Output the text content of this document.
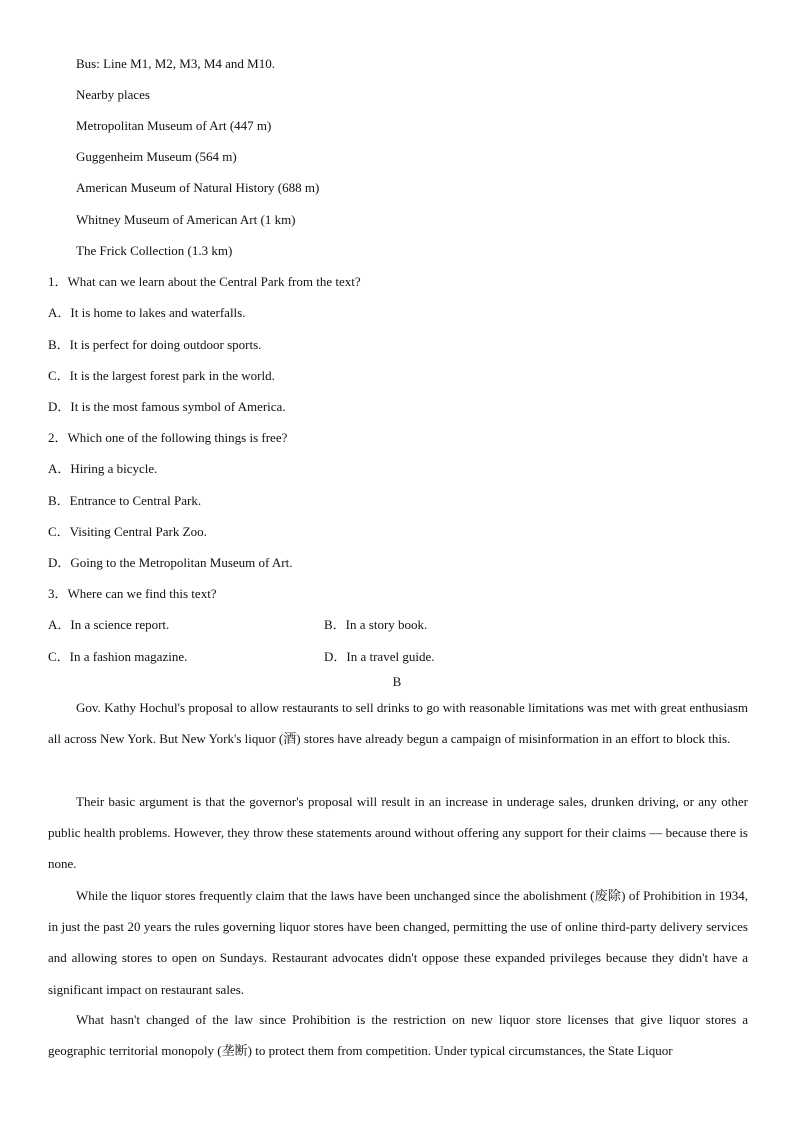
Bus: Line M1, M2, M3, M4 and M10.
Nearby places
Metropolitan Museum of Art (447 m)
Guggenheim Museum (564 m)
American Museum of Natural History (688 m)
Whitney Museum of American Art (1 km)
The Frick Collection (1.3 km)
1．What can we learn about the Central Park from the text?
A．It is home to lakes and waterfalls.
B．It is perfect for doing outdoor sports.
C．It is the largest forest park in the world.
D．It is the most famous symbol of America.
2．Which one of the following things is free?
A．Hiring a bicycle.
B．Entrance to Central Park.
C．Visiting Central Park Zoo.
D．Going to the Metropolitan Museum of Art.
3．Where can we find this text?
A．In a science report.	B．In a story book.
C．In a fashion magazine.	D．In a travel guide.
B

Gov. Kathy Hochul's proposal to allow restaurants to sell drinks to go with reasonable limitations was met with great enthusiasm all across New York. But New York's liquor (酒) stores have already begun a campaign of misinformation in an effort to block this.

Their basic argument is that the governor's proposal will result in an increase in underage sales, drunken driving, or any other public health problems. However, they throw these statements around without offering any support for their claims — because there is none.

While the liquor stores frequently claim that the laws have been unchanged since the abolishment (废除) of Prohibition in 1934, in just the past 20 years the rules governing liquor stores have been changed, permitting the use of online third-party delivery services and allowing stores to open on Sundays. Restaurant advocates didn't oppose these expanded privileges because they didn't have a significant impact on restaurant sales.

What hasn't changed of the law since Prohibition is the restriction on new liquor store licenses that give liquor stores a geographic territorial monopoly (垄断) to protect them from competition. Under typical circumstances, the State Liquor
